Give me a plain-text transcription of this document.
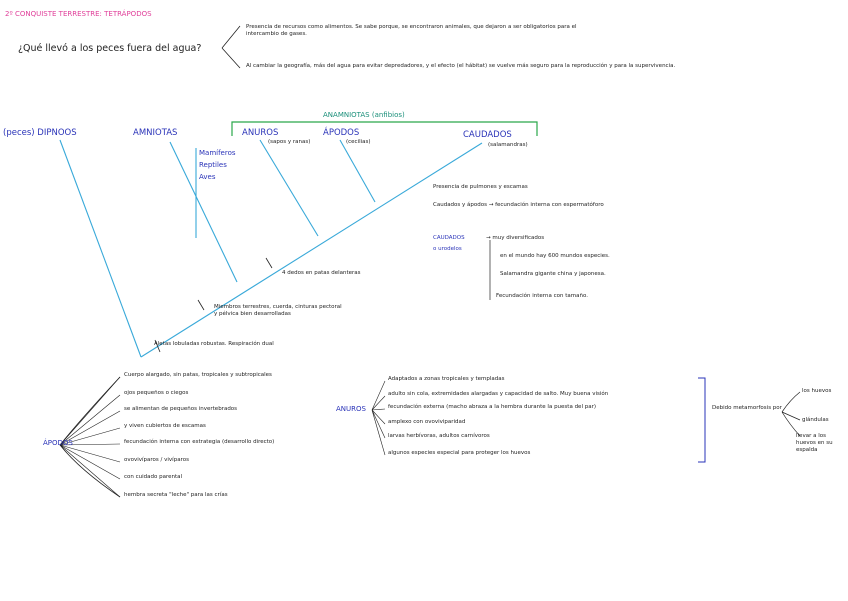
2º CONQUISTE TERRESTRE: TETRÁPODOS
¿Qué llevó a los peces fuera del agua?
Presencia de recursos como alimentos. Se sabe porque, se encontraron animales, que dejaron a ser obligatorios para el intercambio de gases.
Al cambiar la geografía, más del agua para evitar depredadores, y el efecto (el hábitat) se vuelve más seguro para la reproducción y para la supervivencia.
ANAMNIOTAS (anfibios)
(peces) DIPNOOS	AMNIOTAS	ANUROS
(sapos y ranas)
ÁPODOS
(cecilias)
CAUDADOS
(salamandras)
Mamíferos
Reptiles
Aves
4 dedos en patas delanteras
Miembros terrestres, cuerda, cinturas pectoral y pélvica bien desarrolladas
Aletas lobuladas robustas. Respiración dual
Presencia de pulmones y escamas
Caudados y ápodos → fecundación interna con espermatóforo
CAUDADOS
o urodelos
→ muy diversificados
en el mundo hay 600 mundos especies.
Salamandra gigante china y japonesa.
Fecundación interna con tamaño.
ÁPODOS
Cuerpo alargado, sin patas, tropicales y subtropicales
ojos pequeños o ciegos
se alimentan de pequeños invertebrados
y viven cubiertos de escamas
fecundación interna con estrategia (desarrollo directo)
ovovivíparos / vivíparos
con cuidado parental
hembra secreta "leche" para las crías
ANUROS
Adaptados a zonas tropicales y templadas
adulto sin cola, extremidades alargadas y capacidad de salto. Muy buena visión
fecundación externa (macho abraza a la hembra durante la puesta del par)
amplexo con ovoviviparidad
larvas herbívoras, adultos carnívoros
algunos especies especial para proteger los huevos
Debido metamorfosis por
los huevos
glándulas
llevar a los huevos en su espalda
